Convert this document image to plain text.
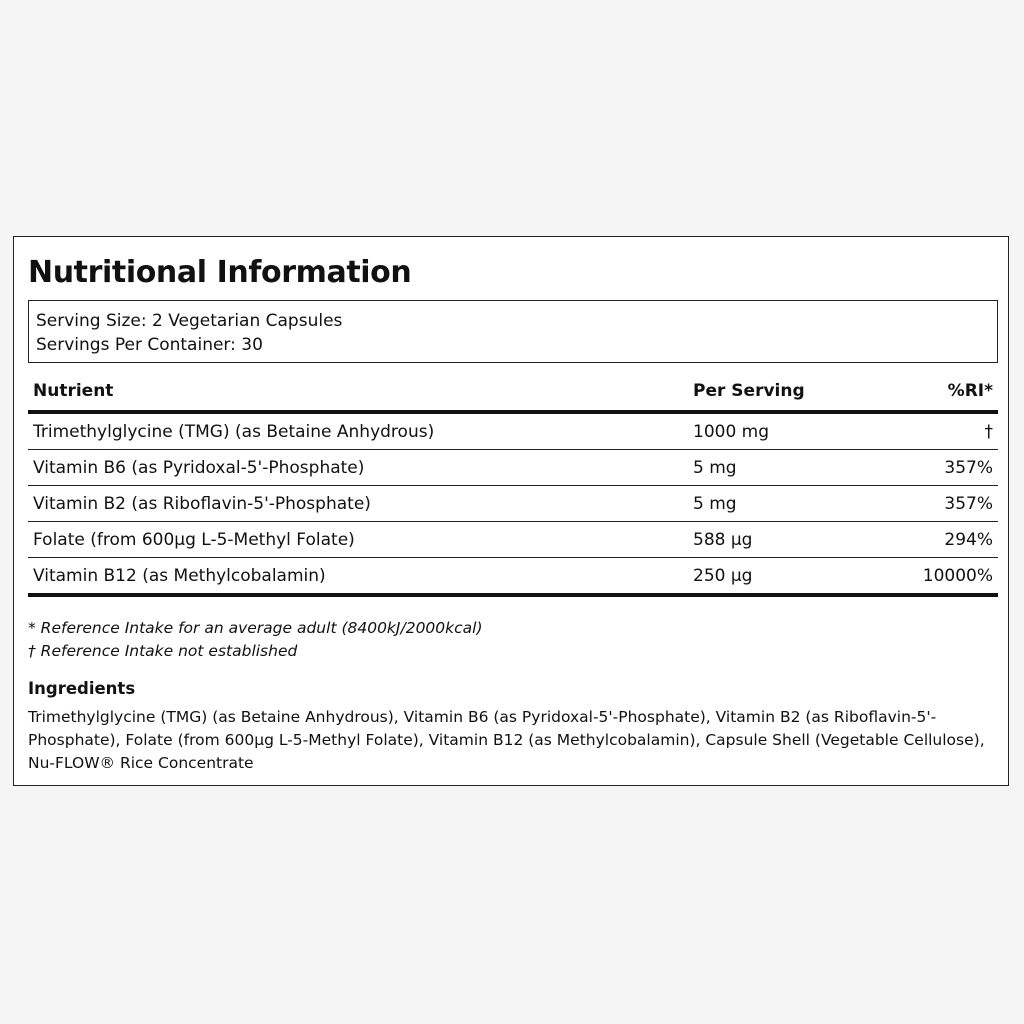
Nutritional Information
Serving Size: 2 Vegetarian Capsules
Servings Per Container: 30
Nutrient	Per Serving	%RI*
Trimethylglycine (TMG) (as Betaine Anhydrous)	1000 mg	†
Vitamin B6 (as Pyridoxal-5'-Phosphate)	5 mg	357%
Vitamin B2 (as Riboflavin-5'-Phosphate)	5 mg	357%
Folate (from 600µg L-5-Methyl Folate)	588 µg	294%
Vitamin B12 (as Methylcobalamin)	250 µg	10000%
* Reference Intake for an average adult (8400kJ/2000kcal)
† Reference Intake not established
Ingredients

Trimethylglycine (TMG) (as Betaine Anhydrous), Vitamin B6 (as Pyridoxal-5'-Phosphate), Vitamin B2 (as Riboflavin-5'-Phosphate), Folate (from 600µg L-5-Methyl Folate), Vitamin B12 (as Methylcobalamin), Capsule Shell (Vegetable Cellulose), Nu-FLOW® Rice Concentrate
